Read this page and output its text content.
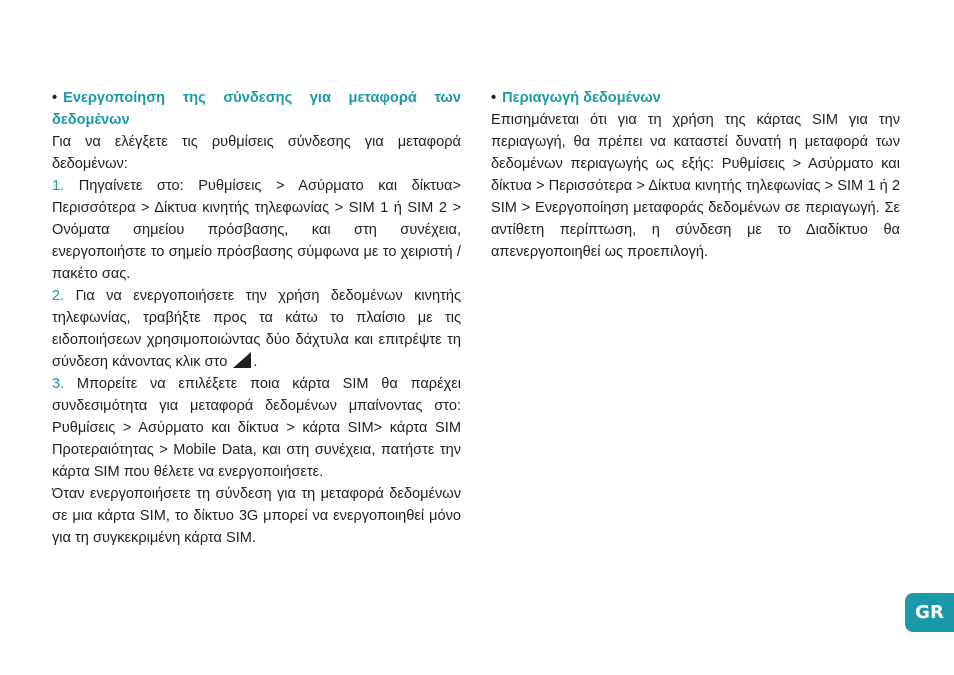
• Ενεργοποίηση της σύνδεσης για μεταφορά των δεδομένων

Για να ελέγξετε τις ρυθμίσεις σύνδεσης για μεταφορά δεδομένων:

1. Πηγαίνετε στο: Ρυθμίσεις > Ασύρματο και δίκτυα> Περισσότερα > Δίκτυα κινητής τηλεφωνίας > SIM 1 ή SIM 2 > Ονόματα σημείου πρόσβασης, και στη συνέχεια, ενεργοποιήστε το σημείο πρόσβασης σύμφωνα με το χειριστή / πακέτο σας.

2. Για να ενεργοποιήσετε την χρήση δεδομένων κινητής τηλεφωνίας, τραβήξτε προς τα κάτω το πλαίσιο με τις ειδοποιήσεων χρησιμοποιώντας δύο δάχτυλα και επιτρέψτε τη σύνδεση κάνοντας κλικ στο .

3. Μπορείτε να επιλέξετε ποια κάρτα SIM θα παρέχει συνδεσιμότητα για μεταφορά δεδομένων μπαίνοντας στο: Ρυθμίσεις > Ασύρματο και δίκτυα > κάρτα SIM> κάρτα SIM Προτεραιότητας > Mobile Data, και στη συνέχεια, πατήστε την κάρτα SIM που θέλετε να ενεργοποιήσετε.

Όταν ενεργοποιήσετε τη σύνδεση για τη μεταφορά δεδομένων σε μια κάρτα SIM, το δίκτυο 3G μπορεί να ενεργοποιηθεί μόνο για τη συγκεκριμένη κάρτα SIM.

• Περιαγωγή δεδομένων

Επισημάνεται ότι για τη χρήση της κάρτας SIM για την περιαγωγή, θα πρέπει να καταστεί δυνατή η μεταφορά των δεδομένων περιαγωγής ως εξής: Ρυθμίσεις > Ασύρματο και δίκτυα > Περισσότερα > Δίκτυα κινητής τηλεφωνίας > SIM 1 ή 2 SIM > Ενεργοποίηση μεταφοράς δεδομένων σε περιαγωγή. Σε αντίθετη περίπτωση, η σύνδεση με το Διαδίκτυο θα απενεργοποιηθεί ως προεπιλογή.

GR
